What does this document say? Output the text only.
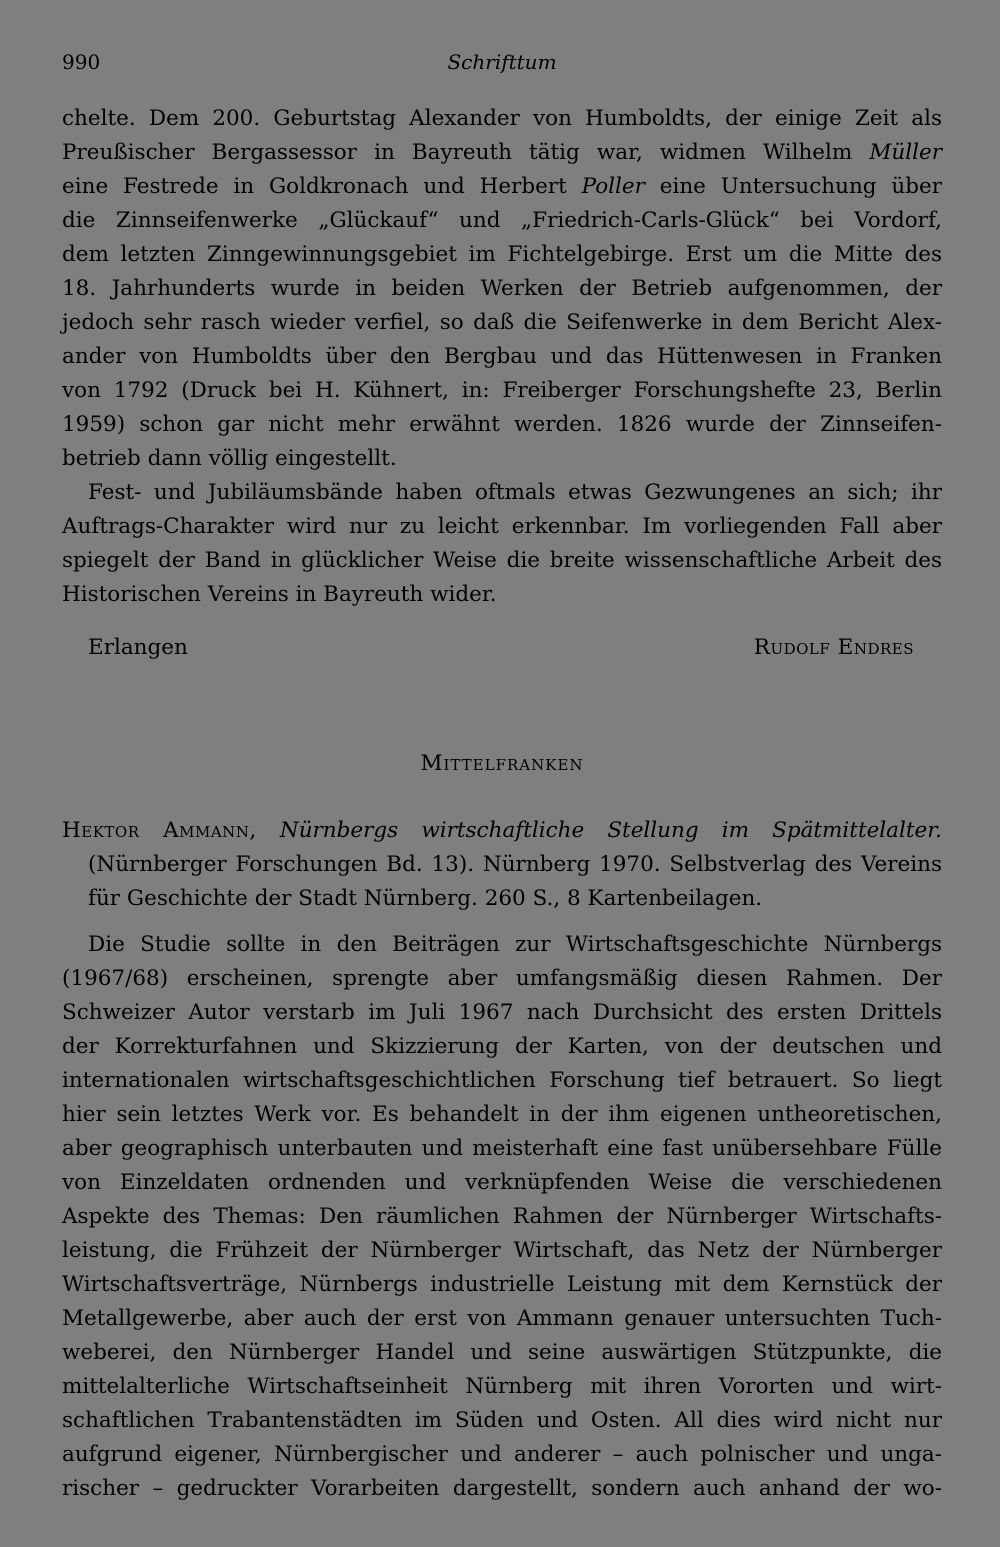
990	Schrifttum
chelte. Dem 200. Geburtstag Alexander von Humboldts, der einige Zeit als
Preußischer Bergassessor in Bayreuth tätig war, widmen Wilhelm Müller
eine Festrede in Goldkronach und Herbert Poller eine Untersuchung über
die Zinnseifenwerke „Glückauf“ und „Friedrich-Carls-Glück“ bei Vordorf,
dem letzten Zinngewinnungsgebiet im Fichtelgebirge. Erst um die Mitte des
18. Jahrhunderts wurde in beiden Werken der Betrieb aufgenommen, der
jedoch sehr rasch wieder verfiel, so daß die Seifenwerke in dem Bericht Alex-
ander von Humboldts über den Bergbau und das Hüttenwesen in Franken
von 1792 (Druck bei H. Kühnert, in: Freiberger Forschungshefte 23, Berlin
1959) schon gar nicht mehr erwähnt werden. 1826 wurde der Zinnseifen-
betrieb dann völlig eingestellt.
Fest- und Jubiläumsbände haben oftmals etwas Gezwungenes an sich; ihr
Auftrags-Charakter wird nur zu leicht erkennbar. Im vorliegenden Fall aber
spiegelt der Band in glücklicher Weise die breite wissenschaftliche Arbeit des
Historischen Vereins in Bayreuth wider.
Erlangen	Rudolf Endres
Mittelfranken
Hektor Ammann, Nürnbergs wirtschaftliche Stellung im Spätmittelalter.
(Nürnberger Forschungen Bd. 13). Nürnberg 1970. Selbstverlag des Vereins
für Geschichte der Stadt Nürnberg. 260 S., 8 Kartenbeilagen.
Die Studie sollte in den Beiträgen zur Wirtschaftsgeschichte Nürnbergs
(1967/68) erscheinen, sprengte aber umfangsmäßig diesen Rahmen. Der
Schweizer Autor verstarb im Juli 1967 nach Durchsicht des ersten Drittels
der Korrekturfahnen und Skizzierung der Karten, von der deutschen und
internationalen wirtschaftsgeschichtlichen Forschung tief betrauert. So liegt
hier sein letztes Werk vor. Es behandelt in der ihm eigenen untheoretischen,
aber geographisch unterbauten und meisterhaft eine fast unübersehbare Fülle
von Einzeldaten ordnenden und verknüpfenden Weise die verschiedenen
Aspekte des Themas: Den räumlichen Rahmen der Nürnberger Wirtschafts-
leistung, die Frühzeit der Nürnberger Wirtschaft, das Netz der Nürnberger
Wirtschaftsverträge, Nürnbergs industrielle Leistung mit dem Kernstück der
Metallgewerbe, aber auch der erst von Ammann genauer untersuchten Tuch-
weberei, den Nürnberger Handel und seine auswärtigen Stützpunkte, die
mittelalterliche Wirtschaftseinheit Nürnberg mit ihren Vororten und wirt-
schaftlichen Trabantenstädten im Süden und Osten. All dies wird nicht nur
aufgrund eigener, Nürnbergischer und anderer – auch polnischer und unga-
rischer – gedruckter Vorarbeiten dargestellt, sondern auch anhand der wo-
